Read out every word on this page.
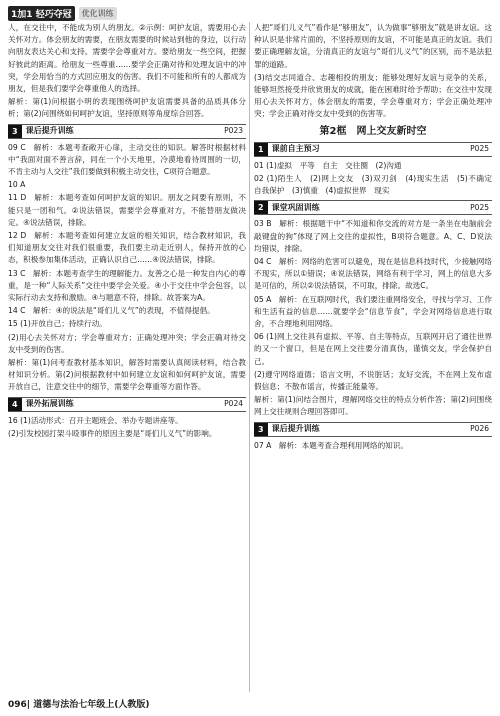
1加1 轻巧夺冠	优化训练

人，在交往中，不能成为别人的朋友。②示例：呵护友谊，需要用心去关怀对方。体会朋友的需要，在朋友需要的时候站到他的身边，以行动向朋友表达关心和支持。需要学会尊重对方。要给朋友一些空间，把握好彼此的距离。给朋友一些尊重……要学会正确对待和处理友谊中的冲突，学会用恰当的方式回应朋友的伤害。我们不可能和所有的人都成为朋友，但是我们要学会尊重他人的选择。

解析：第(1)问根据小明的表现围绕呵护友谊需要具备的品质具体分析；第(2)问围绕如何呵护友谊，坚持原则等角度综合回答。

3	课后提升训练	P023

09 C　解析：本题考查敞开心扉，主动交往的知识。解答时根据材料中“我面对面不善言辞，同在一个小天地里，冷漠地看待周围的一切，不肯主动与人交往”我们要做到积极主动交往，C项符合题意。

10 A

11 D　解析：本题考查如何呵护友谊的知识。朋友之间要有原则，不能只是一团和气。②说法错误，需要学会尊重对方，不能替朋友做决定。④说法错误，排除。

12 D　解析：本题考查如何建立友谊的相关知识，结合教材知识，我们知道朋友交往对我们很重要，我们要主动走近别人，保持开放的心态，积极参加集体活动，正确认识自己……④说法错误，排除。

13 C　解析：本题考查学生的理解能力。友善之心是一种发自内心的尊重，是一种“人际关系”交往中要学会关爱。④小于交往中学会包容，以实际行动去支持和激励。④与题意不符，排除。故答案为A。

14 C　解析：④的说法是“哥们儿义气”的表现，不值得提倡。

15 (1)开放自己；持续行动。

(2)用心去关怀对方；学会尊重对方；正确处理冲突；学会正确对待交友中受到的伤害。

解析：第(1)问考查教材基本知识，解答时需要认真阅读材料，结合教材知识分析。第(2)问根据教材中如何建立友谊和如何呵护友谊，需要开放自己，注意交往中的细节，需要学会尊重等方面作答。

4	课外拓展训练	P024

16 (1)活动形式：召开主题班会、举办专题讲座等。

(2)引发校园打架斗殴事件的原因主要是“哥们儿义气”的影响。

人把“哥们儿义气”看作是“够朋友”，认为做事“够朋友”就是讲友谊。这种认识是非常片面的，不坚持原则的友谊，不可能是真正的友谊。我们要正确理解友谊，分清真正的友谊与“哥们儿义气”的区别，而不是法犯罪的道路。

(3)结交志同道合、志趣相投的朋友；能够处理好友谊与竞争的关系，能够坦然接受并欣赏朋友的成就，能在困难时给予帮助；在交往中发现用心去关怀对方，体会朋友的需要，学会尊重对方；学会正确处理冲突；学会正确对待交友中受到的伤害等。

第2框　网上交友新时空
1	课前自主预习	P025

01 (1)虚拟　平等　自主　交往圈　(2)沟通

02 (1)陌生人　(2)网上交友　(3)双刃剑　(4)现实生活　(5)不确定　自我保护　(3)慎重　(4)虚拟世界　现实

2	课堂巩固训练	P025

03 B　解析：根据题干中“不知道和你交流的对方是一条坐在电脑前会敲键盘的狗”体现了网上交往的虚拟性，B项符合题意。A、C、D说法均错误，排除。

04 C　解析：网络的危害可以避免，现在是信息科技时代，少接触网络不现实，所以①错误；④说法错误，网络有利于学习，网上的信息大多是可信的，所以②说法错误，不可取，排除。故选C。

05 A　解析：在互联网时代，我们要注重网络安全，寻找与学习、工作和生活有益的信息……就要学会“信息节食”，学会对网络信息进行取舍，不合理地利用网络。

06 (1)网上交往具有虚拟、平等、自主等特点，互联网开启了通往世界的又一个窗口，但是在网上交往要分清真伪，谨慎交友，学会保护自己。

(2)遵守网络道德；语言文明，不说脏话；友好交流，不在网上发布虚假信息；不散布谣言，传播正能量等。

解析：第(1)问结合图片，理解网络交往的特点分析作答；第(2)问围绕网上交往规则合理回答即可。

3	课后提升训练	P026

07 A　解析：本题考查合理利用网络的知识。

096| 道德与法治七年级上(人教版)
